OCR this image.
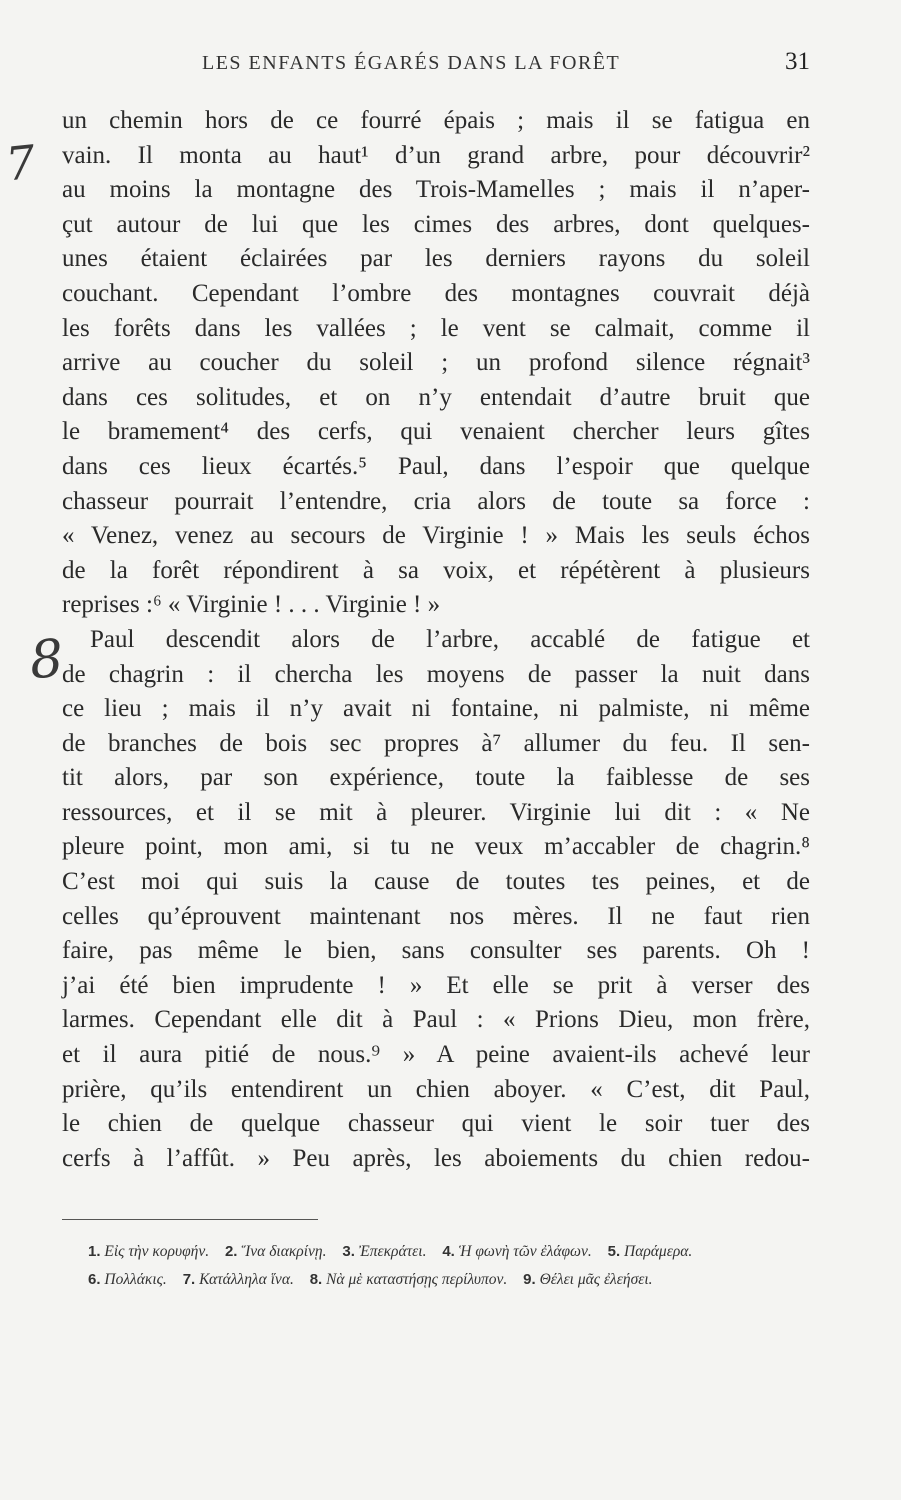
LES ENFANTS ÉGARÉS DANS LA FORÊT	31
7
8
un chemin hors de ce fourré épais ; mais il se fatigua en
vain. Il monta au haut¹ d’un grand arbre, pour découvrir²
au moins la montagne des Trois-Mamelles ; mais il n’aper-
çut autour de lui que les cimes des arbres, dont quelques-
unes étaient éclairées par les derniers rayons du soleil
couchant. Cependant l’ombre des montagnes couvrait déjà
les forêts dans les vallées ; le vent se calmait, comme il
arrive au coucher du soleil ; un profond silence régnait³
dans ces solitudes, et on n’y entendait d’autre bruit que
le bramement⁴ des cerfs, qui venaient chercher leurs gîtes
dans ces lieux écartés.⁵ Paul, dans l’espoir que quelque
chasseur pourrait l’entendre, cria alors de toute sa force :
« Venez, venez au secours de Virginie ! » Mais les seuls échos
de la forêt répondirent à sa voix, et répétèrent à plusieurs
reprises :⁶ « Virginie ! . . . Virginie ! »
Paul descendit alors de l’arbre, accablé de fatigue et
de chagrin : il chercha les moyens de passer la nuit dans
ce lieu ; mais il n’y avait ni fontaine, ni palmiste, ni même
de branches de bois sec propres à⁷ allumer du feu. Il sen-
tit alors, par son expérience, toute la faiblesse de ses
ressources, et il se mit à pleurer. Virginie lui dit : « Ne
pleure point, mon ami, si tu ne veux m’accabler de chagrin.⁸
C’est moi qui suis la cause de toutes tes peines, et de
celles qu’éprouvent maintenant nos mères. Il ne faut rien
faire, pas même le bien, sans consulter ses parents. Oh !
j’ai été bien imprudente ! » Et elle se prit à verser des
larmes. Cependant elle dit à Paul : « Prions Dieu, mon frère,
et il aura pitié de nous.⁹ » A peine avaient-ils achevé leur
prière, qu’ils entendirent un chien aboyer. « C’est, dit Paul,
le chien de quelque chasseur qui vient le soir tuer des
cerfs à l’affût. » Peu après, les aboiements du chien redou-
1. Εἰς τὴν κορυφήν. 2. Ἵνα διακρίνῃ. 3. Ἐπεκράτει. 4. Ἡ φωνὴ τῶν ἐλάφων. 5. Παράμερα.
6. Πολλάκις. 7. Κατάλληλα ἵνα. 8. Νὰ μὲ καταστήσῃς περίλυπον. 9. Θέλει μᾶς ἐλεήσει.
